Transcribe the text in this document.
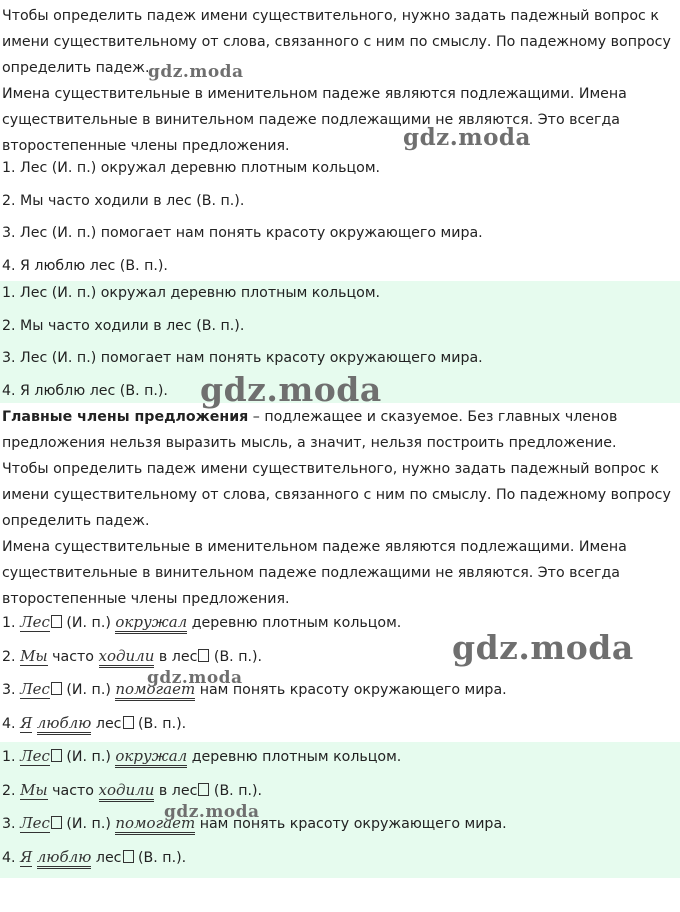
Чтобы определить падеж имени существительного, нужно задать падежный вопрос к имени существительному от слова, связанного с ним по смыслу. По падежному вопросу определить падеж.

Имена существительные в именительном падеже являются подлежащими. Имена существительные в винительном падеже подлежащими не являются. Это всегда второстепенные члены предложения.

1. Лес (И. п.) окружал деревню плотным кольцом.

2. Мы часто ходили в лес (В. п.).

3. Лес (И. п.) помогает нам понять красоту окружающего мира.

4. Я люблю лес (В. п.).

1. Лес (И. п.) окружал деревню плотным кольцом.

2. Мы часто ходили в лес (В. п.).

3. Лес (И. п.) помогает нам понять красоту окружающего мира.

4. Я люблю лес (В. п.).

Главные члены предложения – подлежащее и сказуемое. Без главных членов предложения нельзя выразить мысль, а значит, нельзя построить предложение.

Чтобы определить падеж имени существительного, нужно задать падежный вопрос к имени существительному от слова, связанного с ним по смыслу. По падежному вопросу определить падеж.

Имена существительные в именительном падеже являются подлежащими. Имена существительные в винительном падеже подлежащими не являются. Это всегда второстепенные члены предложения.

1. Лес (И. п.) окружал деревню плотным кольцом.

2. Мы часто ходили в лес (В. п.).

3. Лес (И. п.) помогает нам понять красоту окружающего мира.

4. Я люблю лес (В. п.).

1. Лес (И. п.) окружал деревню плотным кольцом.

2. Мы часто ходили в лес (В. п.).

3. Лес (И. п.) помогает нам понять красоту окружающего мира.

4. Я люблю лес (В. п.).

gdz.moda
gdz.moda
gdz.moda
gdz.moda
gdz.moda
gdz.moda
